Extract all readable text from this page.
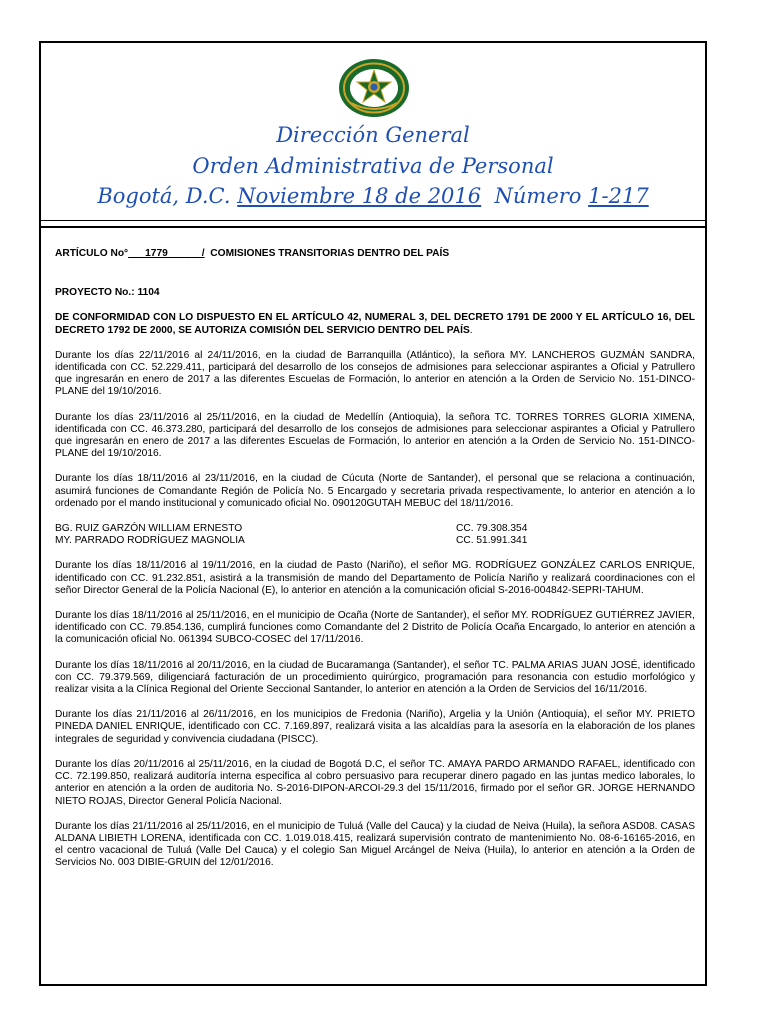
Dirección General
Orden Administrativa de Personal
Bogotá, D.C. Noviembre 18 de 2016 Número 1-217

ARTÍCULO No°___1779______/ COMISIONES TRANSITORIAS DENTRO DEL PAÍS

PROYECTO No.: 1104

DE CONFORMIDAD CON LO DISPUESTO EN EL ARTÍCULO 42, NUMERAL 3, DEL DECRETO 1791 DE 2000 Y EL ARTÍCULO 16, DEL DECRETO 1792 DE 2000, SE AUTORIZA COMISIÓN DEL SERVICIO DENTRO DEL PAÍS.

Durante los días 22/11/2016 al 24/11/2016, en la ciudad de Barranquilla (Atlántico), la señora MY. LANCHEROS GUZMÁN SANDRA, identificada con CC. 52.229.411, participará del desarrollo de los consejos de admisiones para seleccionar aspirantes a Oficial y Patrullero que ingresarán en enero de 2017 a las diferentes Escuelas de Formación, lo anterior en atención a la Orden de Servicio No. 151-DINCO-PLANE del 19/10/2016.

Durante los días 23/11/2016 al 25/11/2016, en la ciudad de Medellín (Antioquia), la señora TC. TORRES TORRES GLORIA XIMENA, identificada con CC. 46.373.280, participará del desarrollo de los consejos de admisiones para seleccionar aspirantes a Oficial y Patrullero que ingresarán en enero de 2017 a las diferentes Escuelas de Formación, lo anterior en atención a la Orden de Servicio No. 151-DINCO-PLANE del 19/10/2016.

Durante los días 18/11/2016 al 23/11/2016, en la ciudad de Cúcuta (Norte de Santander), el personal que se relaciona a continuación, asumirá funciones de Comandante Región de Policía No. 5 Encargado y secretaria privada respectivamente, lo anterior en atención a lo ordenado por el mando institucional y comunicado oficial No. 090120GUTAH MEBUC del 18/11/2016.

BG. RUIZ GARZÓN WILLIAM ERNESTO	CC. 79.308.354
MY. PARRADO RODRÍGUEZ MAGNOLIA	CC. 51.991.341

Durante los días 18/11/2016 al 19/11/2016, en la ciudad de Pasto (Nariño), el señor MG. RODRÍGUEZ GONZÁLEZ CARLOS ENRIQUE, identificado con CC. 91.232.851, asistirá a la transmisión de mando del Departamento de Policía Nariño y realizará coordinaciones con el señor Director General de la Policía Nacional (E), lo anterior en atención a la comunicación oficial S-2016-004842-SEPRI-TAHUM.

Durante los días 18/11/2016 al 25/11/2016, en el municipio de Ocaña (Norte de Santander), el señor MY. RODRÍGUEZ GUTIÉRREZ JAVIER, identificado con CC. 79.854.136, cumplirá funciones como Comandante del 2 Distrito de Policía Ocaña Encargado, lo anterior en atención a la comunicación oficial No. 061394 SUBCO-COSEC del 17/11/2016.

Durante los días 18/11/2016 al 20/11/2016, en la ciudad de Bucaramanga (Santander), el señor TC. PALMA ARIAS JUAN JOSÉ, identificado con CC. 79.379.569, diligenciará facturación de un procedimiento quirúrgico, programación para resonancia con estudio morfológico y realizar visita a la Clínica Regional del Oriente Seccional Santander, lo anterior en atención a la Orden de Servicios del 16/11/2016.

Durante los días 21/11/2016 al 26/11/2016, en los municipios de Fredonia (Nariño), Argelia y la Unión (Antioquia), el señor MY. PRIETO PINEDA DANIEL ENRIQUE, identificado con CC. 7.169.897, realizará visita a las alcaldías para la asesoría en la elaboración de los planes integrales de seguridad y convivencia ciudadana (PISCC).

Durante los días 20/11/2016 al 25/11/2016, en la ciudad de Bogotá D.C, el señor TC. AMAYA PARDO ARMANDO RAFAEL, identificado con CC. 72.199.850, realizará auditoría interna especifica al cobro persuasivo para recuperar dinero pagado en las juntas medico laborales, lo anterior en atención a la orden de auditoria No. S-2016-DIPON-ARCOI-29.3 del 15/11/2016, firmado por el señor GR. JORGE HERNANDO NIETO ROJAS, Director General Policía Nacional.

Durante los días 21/11/2016 al 25/11/2016, en el municipio de Tuluá (Valle del Cauca) y la ciudad de Neiva (Huila), la señora ASD08. CASAS ALDANA LIBIETH LORENA, identificada con CC. 1.019.018.415, realizará supervisión contrato de mantenimiento No. 08-6-16165-2016, en el centro vacacional de Tuluá (Valle Del Cauca) y el colegio San Miguel Arcángel de Neiva (Huila), lo anterior en atención a la Orden de Servicios No. 003 DIBIE-GRUIN del 12/01/2016.
